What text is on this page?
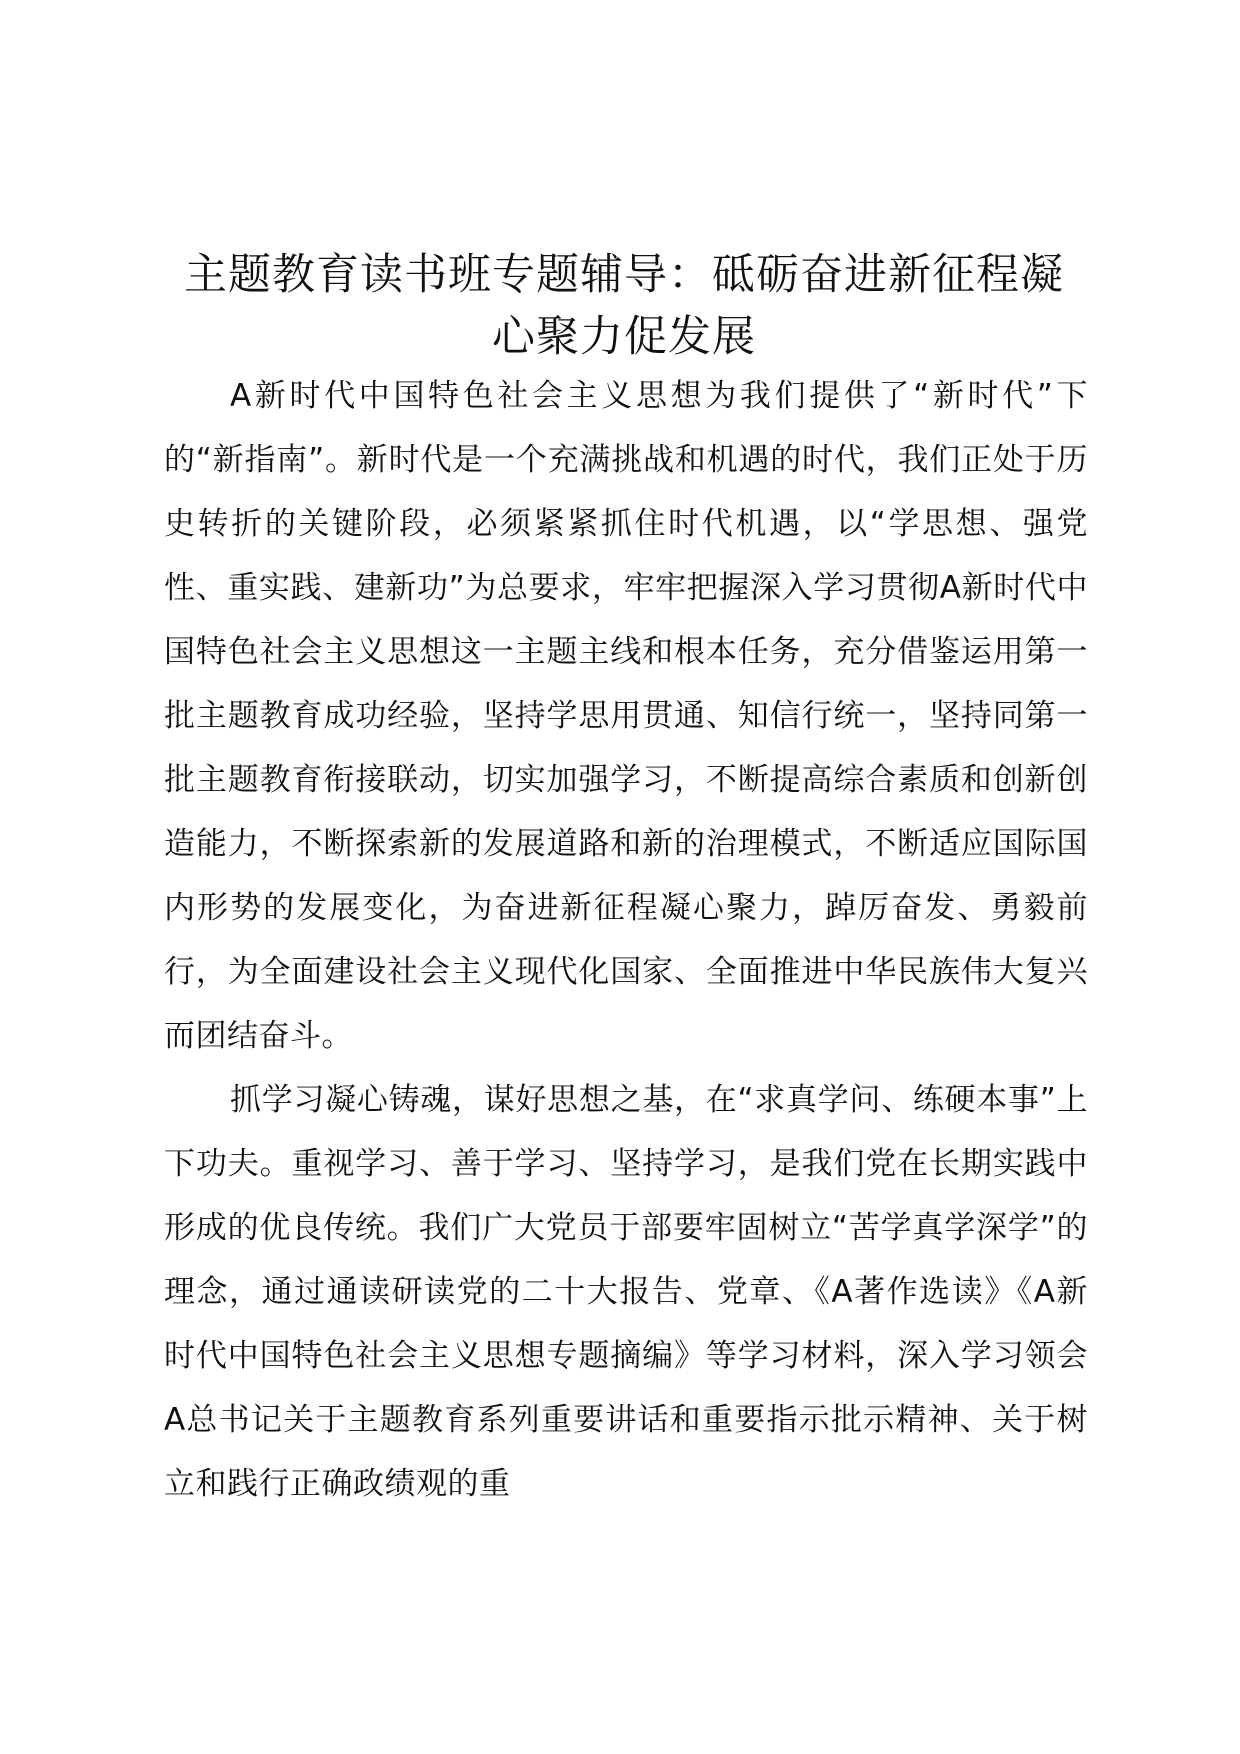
主题教育读书班专题辅导：砥砺奋进新征程凝
心聚力促发展

A新时代中国特色社会主义思想为我们提供了“新时代”下的“新指南”。新时代是一个充满挑战和机遇的时代，我们正处于历史转折的关键阶段，必须紧紧抓住时代机遇，以“学思想、强党性、重实践、建新功”为总要求，牢牢把握深入学习贯彻A新时代中国特色社会主义思想这一主题主线和根本任务，充分借鉴运用第一批主题教育成功经验，坚持学思用贯通、知信行统一，坚持同第一批主题教育衔接联动，切实加强学习，不断提高综合素质和创新创造能力，不断探索新的发展道路和新的治理模式，不断适应国际国内形势的发展变化，为奋进新征程凝心聚力，踔厉奋发、勇毅前行，为全面建设社会主义现代化国家、全面推进中华民族伟大复兴而团结奋斗。

抓学习凝心铸魂，谋好思想之基，在“求真学问、练硬本事”上下功夫。重视学习、善于学习、坚持学习，是我们党在长期实践中形成的优良传统。我们广大党员于部要牢固树立“苦学真学深学”的理念，通过通读研读党的二十大报告、党章、《A著作选读》《A新时代中国特色社会主义思想专题摘编》等学习材料，深入学习领会A总书记关于主题教育系列重要讲话和重要指示批示精神、关于树立和践行正确政绩观的重
